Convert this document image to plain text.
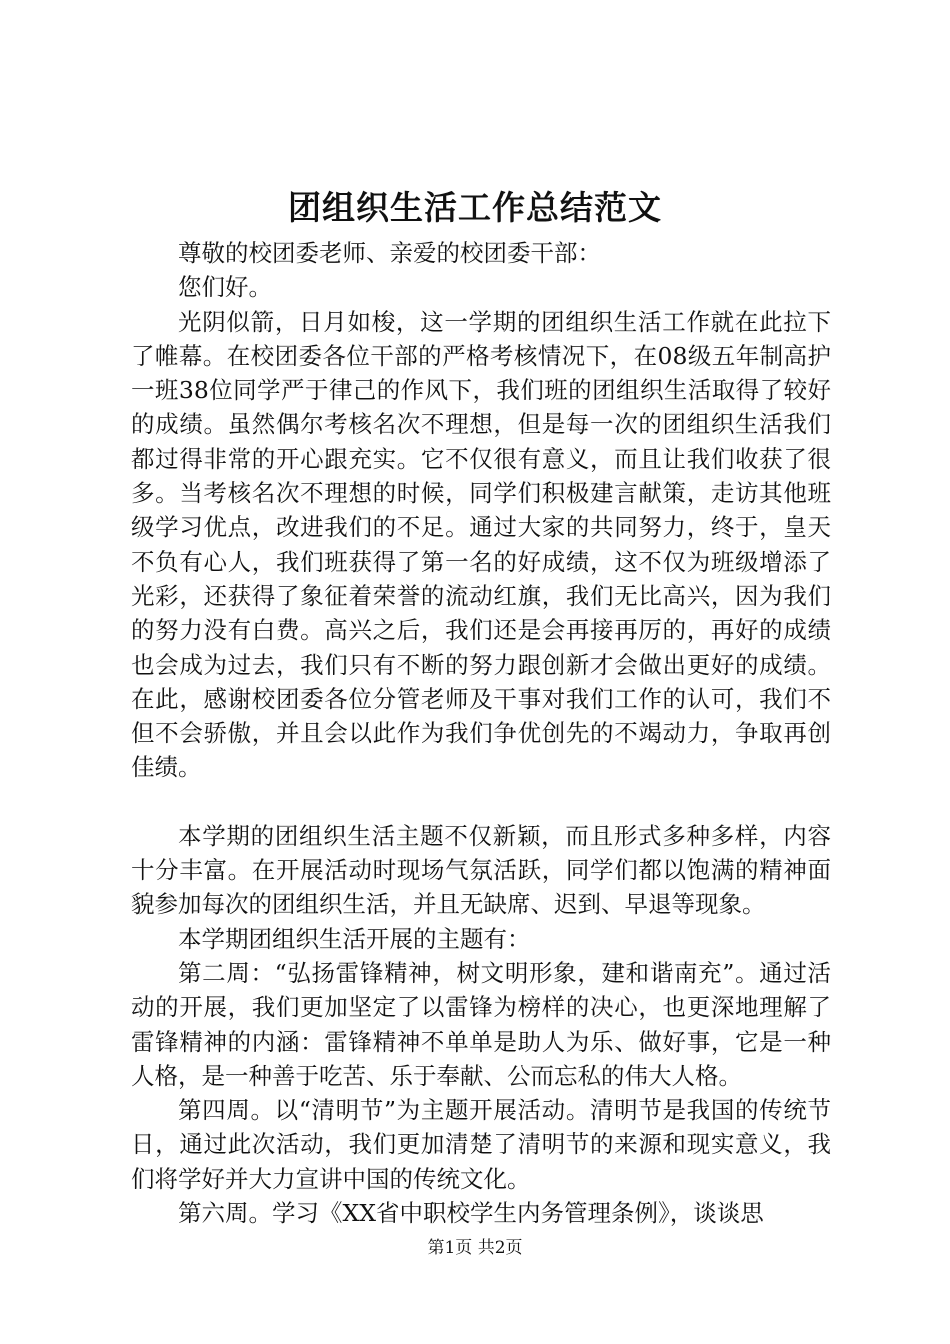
团组织生活工作总结范文

尊敬的校团委老师、亲爱的校团委干部：

您们好。

光阴似箭，日月如梭，这一学期的团组织生活工作就在此拉下了帷幕。在校团委各位干部的严格考核情况下，在08级五年制高护一班38位同学严于律己的作风下，我们班的团组织生活取得了较好的成绩。虽然偶尔考核名次不理想，但是每一次的团组织生活我们都过得非常的开心跟充实。它不仅很有意义，而且让我们收获了很多。当考核名次不理想的时候，同学们积极建言献策，走访其他班级学习优点，改进我们的不足。通过大家的共同努力，终于，皇天不负有心人，我们班获得了第一名的好成绩，这不仅为班级增添了光彩，还获得了象征着荣誉的流动红旗，我们无比高兴，因为我们的努力没有白费。高兴之后，我们还是会再接再厉的，再好的成绩也会成为过去，我们只有不断的努力跟创新才会做出更好的成绩。在此，感谢校团委各位分管老师及干事对我们工作的认可，我们不但不会骄傲，并且会以此作为我们争优创先的不竭动力，争取再创佳绩。

本学期的团组织生活主题不仅新颖，而且形式多种多样，内容十分丰富。在开展活动时现场气氛活跃，同学们都以饱满的精神面貌参加每次的团组织生活，并且无缺席、迟到、早退等现象。

本学期团组织生活开展的主题有：

第二周：“弘扬雷锋精神，树文明形象，建和谐南充”。通过活动的开展，我们更加坚定了以雷锋为榜样的决心，也更深地理解了雷锋精神的内涵：雷锋精神不单单是助人为乐、做好事，它是一种人格，是一种善于吃苦、乐于奉献、公而忘私的伟大人格。

第四周。以“清明节”为主题开展活动。清明节是我国的传统节日，通过此次活动，我们更加清楚了清明节的来源和现实意义，我们将学好并大力宣讲中国的传统文化。

第六周。学习《XX省中职校学生内务管理条例》，谈谈思

第1页 共2页
